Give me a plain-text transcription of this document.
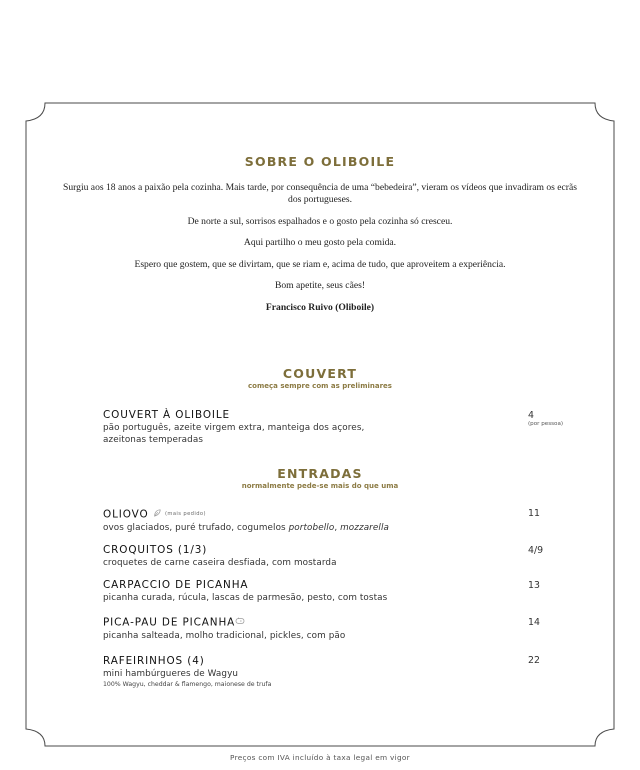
SOBRE O OLIBOILE

Surgiu aos 18 anos a paixão pela cozinha. Mais tarde, por consequência de uma “bebedeira”, vieram os vídeos que invadiram os ecrãs dos portugueses.

De norte a sul, sorrisos espalhados e o gosto pela cozinha só cresceu.

Aqui partilho o meu gosto pela comida.

Espero que gostem, que se divirtam, que se riam e, acima de tudo, que aproveitem a experiência.

Bom apetite, seus cães!

Francisco Ruivo (Oliboile)

COUVERT
começa sempre com as preliminares
COUVERT À OLIBOILE
pão português, azeite virgem extra, manteiga dos açores,
azeitonas temperadas
4
(por pessoa)
ENTRADAS
normalmente pede-se mais do que uma
OLIOVO	(mais pedido)
ovos glaciados, puré trufado, cogumelos portobello, mozzarella
11
CROQUITOS (1/3)
croquetes de carne caseira desfiada, com mostarda
4/9
CARPACCIO DE PICANHA
picanha curada, rúcula, lascas de parmesão, pesto, com tostas
13
PICA-PAU DE PICANHA
picanha salteada, molho tradicional, pickles, com pão
14
RAFEIRINHOS (4)
mini hambúrgueres de Wagyu
100% Wagyu, cheddar & flamengo, maionese de trufa
22
Preços com IVA incluído à taxa legal em vigor
